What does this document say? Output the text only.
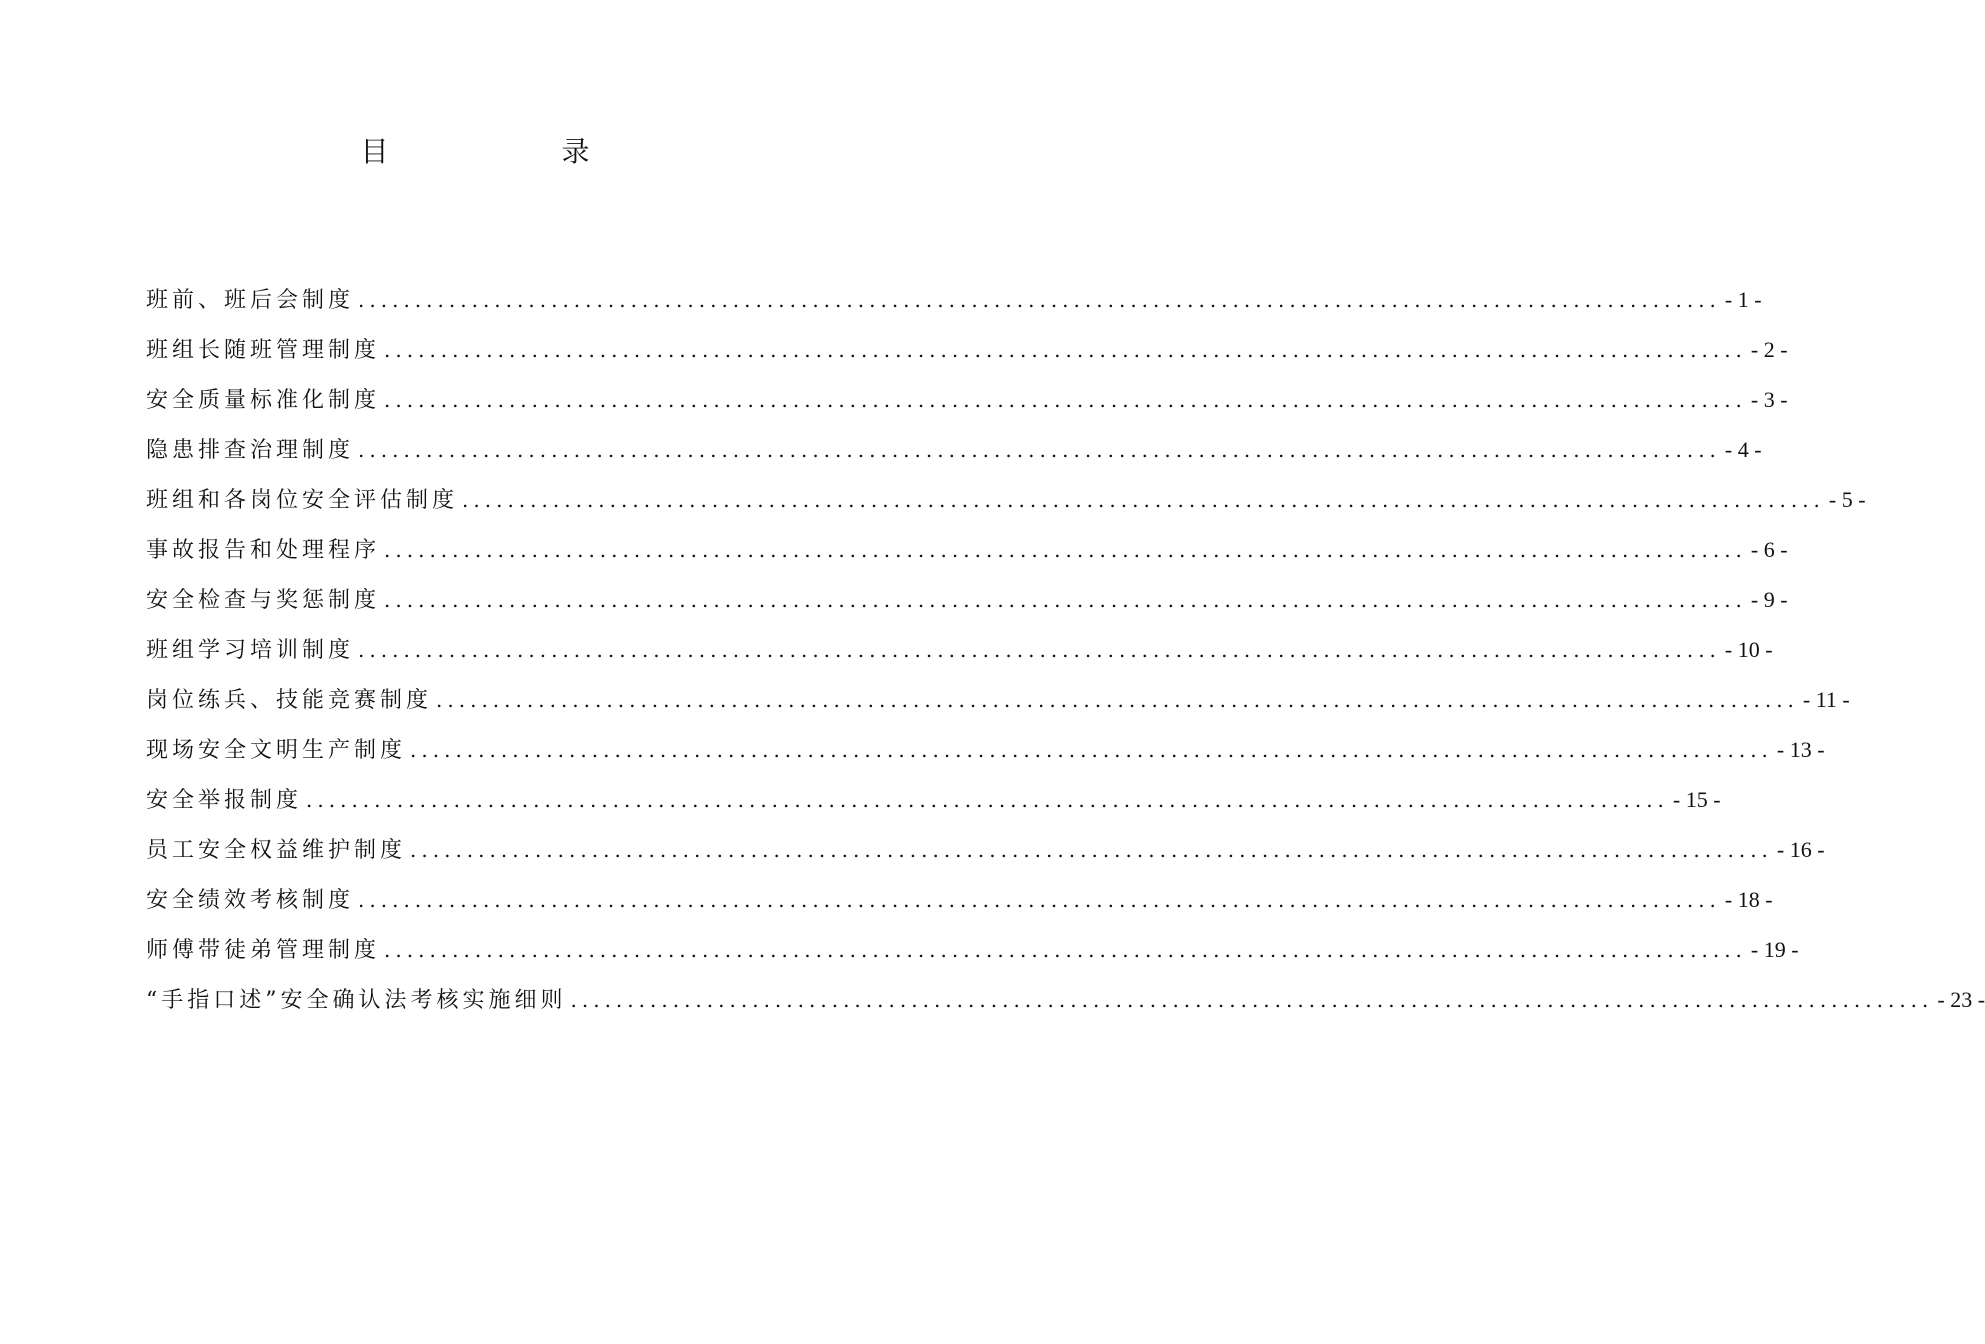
目 录
班前、班后会制度 ........................................................................................................................ - 1 -
班组长随班管理制度 ........................................................................................................................ - 2 -
安全质量标准化制度 ........................................................................................................................ - 3 -
隐患排查治理制度 ........................................................................................................................ - 4 -
班组和各岗位安全评估制度 ........................................................................................................................ - 5 -
事故报告和处理程序 ........................................................................................................................ - 6 -
安全检查与奖惩制度 ........................................................................................................................ - 9 -
班组学习培训制度 ........................................................................................................................ - 10 -
岗位练兵、技能竞赛制度 ........................................................................................................................ - 11 -
现场安全文明生产制度 ........................................................................................................................ - 13 -
安全举报制度 ........................................................................................................................ - 15 -
员工安全权益维护制度 ........................................................................................................................ - 16 -
安全绩效考核制度 ........................................................................................................................ - 18 -
师傅带徒弟管理制度 ........................................................................................................................ - 19 -
“手指口述”安全确认法考核实施细则 ........................................................................................................................ - 23 -
